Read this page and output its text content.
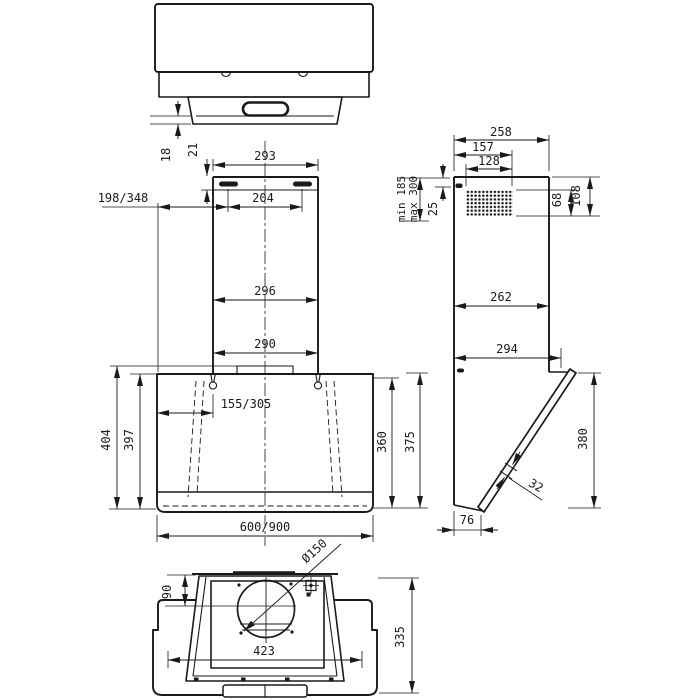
18 21	293
198/348	204
296
290
155/305
404 397	360 375
600/900
258
157
128
min 185 max 300 25
68 108
262
294
380
32
76
90
Ø150
423
335
